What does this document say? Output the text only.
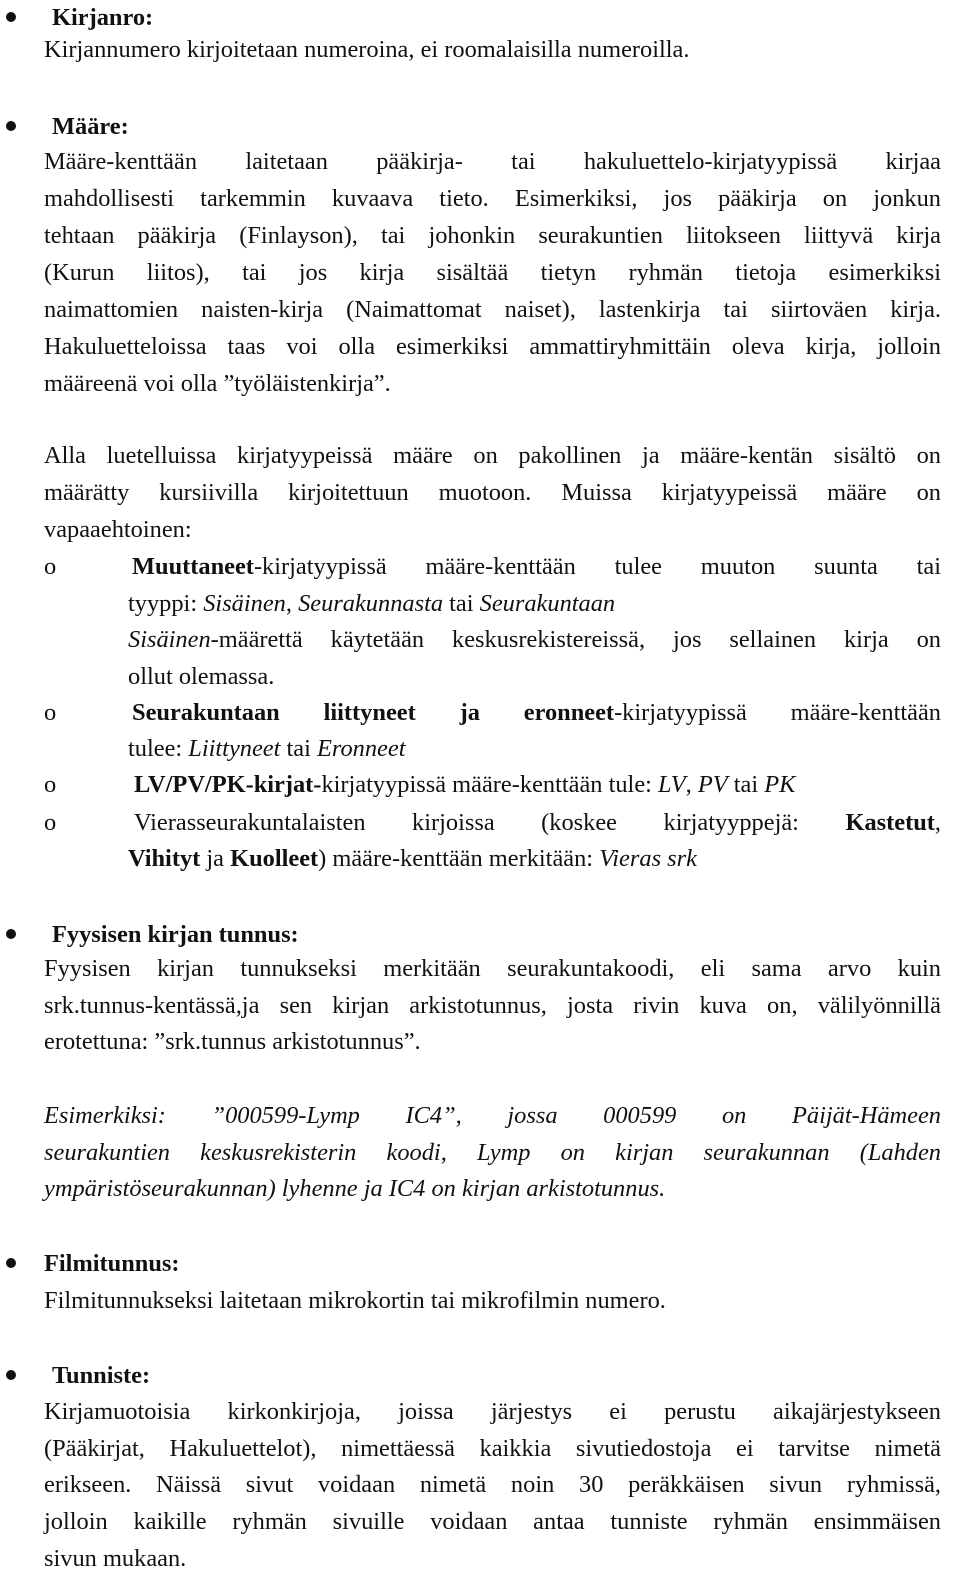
Kirjanro:
Kirjannumero kirjoitetaan numeroina, ei roomalaisilla numeroilla.
Määre:
Määre-kenttään laitetaan pääkirja- tai hakuluettelo-kirjatyypissä kirjaa
mahdollisesti tarkemmin kuvaava tieto. Esimerkiksi, jos pääkirja on jonkun
tehtaan pääkirja (Finlayson), tai johonkin seurakuntien liitokseen liittyvä kirja
(Kurun liitos), tai jos kirja sisältää tietyn ryhmän tietoja esimerkiksi
naimattomien naisten-kirja (Naimattomat naiset), lastenkirja tai siirtoväen kirja.
Hakuluetteloissa taas voi olla esimerkiksi ammattiryhmittäin oleva kirja, jolloin
määreenä voi olla ”työläistenkirja”.
Alla luetelluissa kirjatyypeissä määre on pakollinen ja määre-kentän sisältö on
määrätty kursiivilla kirjoitettuun muotoon. Muissa kirjatyypeissä määre on
vapaaehtoinen:
o	Muuttaneet-kirjatyypissä määre-kenttään tulee muuton suunta tai
tyyppi: Sisäinen, Seurakunnasta tai Seurakuntaan
Sisäinen-määrettä käytetään keskusrekistereissä, jos sellainen kirja on
ollut olemassa.
o	Seurakuntaan liittyneet ja eronneet-kirjatyypissä määre-kenttään
tulee: Liittyneet tai Eronneet
o	LV/PV/PK-kirjat-kirjatyypissä määre-kenttään tule: LV, PV tai PK
o	Vierasseurakuntalaisten kirjoissa (koskee kirjatyyppejä: Kastetut,
Vihityt ja Kuolleet) määre-kenttään merkitään: Vieras srk
Fyysisen kirjan tunnus:
Fyysisen kirjan tunnukseksi merkitään seurakuntakoodi, eli sama arvo kuin
srk.tunnus-kentässä,ja sen kirjan arkistotunnus, josta rivin kuva on, välilyönnillä
erotettuna: ”srk.tunnus arkistotunnus”.
Esimerkiksi: ”000599-Lymp IC4”, jossa 000599 on Päijät-Hämeen
seurakuntien keskusrekisterin koodi, Lymp on kirjan seurakunnan (Lahden
ympäristöseurakunnan) lyhenne ja IC4 on kirjan arkistotunnus.
Filmitunnus:
Filmitunnukseksi laitetaan mikrokortin tai mikrofilmin numero.
Tunniste:
Kirjamuotoisia kirkonkirjoja, joissa järjestys ei perustu aikajärjestykseen
(Pääkirjat, Hakuluettelot), nimettäessä kaikkia sivutiedostoja ei tarvitse nimetä
erikseen. Näissä sivut voidaan nimetä noin 30 peräkkäisen sivun ryhmissä,
jolloin kaikille ryhmän sivuille voidaan antaa tunniste ryhmän ensimmäisen
sivun mukaan.
